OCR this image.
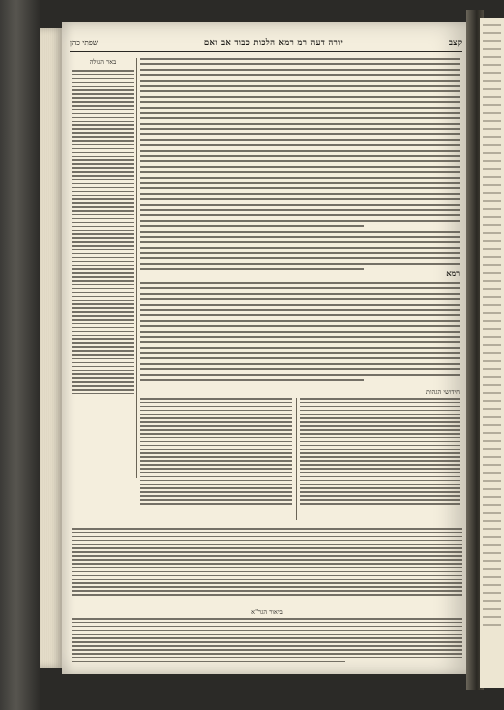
קצב
יורה דעה רמ רמא הלכות כבוד אב ואם
שפתי כהן
באר הגולה
רמא
חידושי הגהות
ביאור הגר"א
